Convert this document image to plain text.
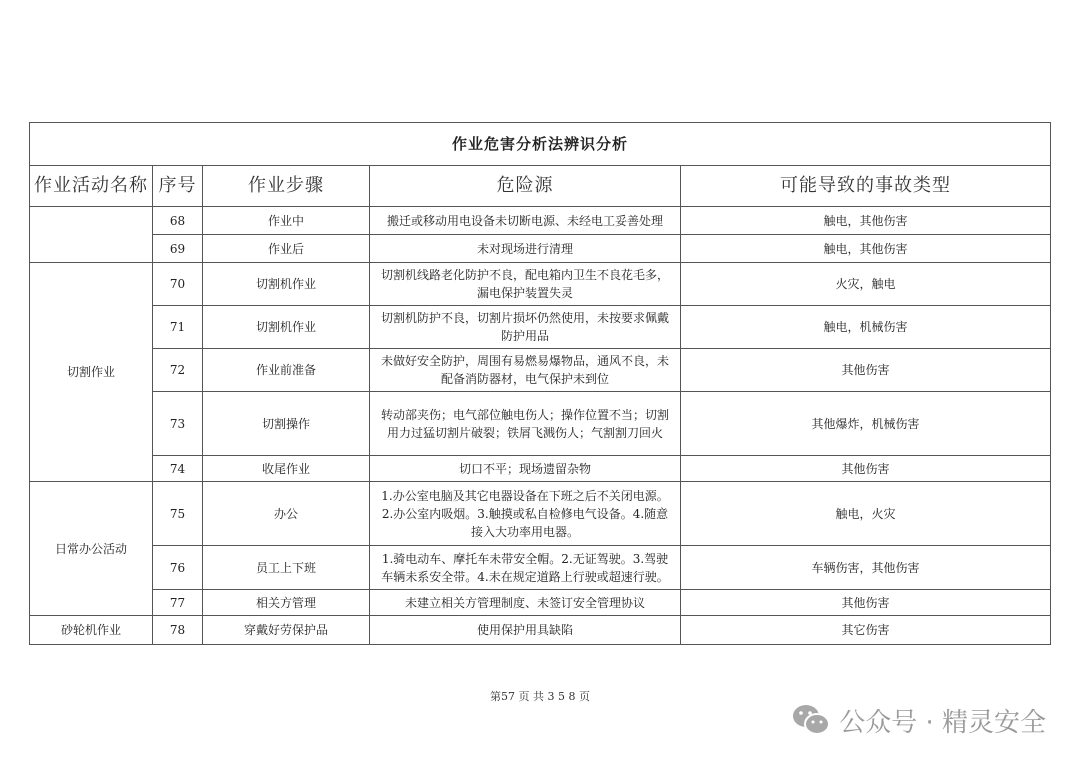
作业危害分析法辨识分析				
作业活动名称	序号	作业步骤	危险源	可能导致的事故类型
	68	作业中	搬迁或移动用电设备未切断电源、未经电工妥善处理	触电，其他伤害
	69	作业后	未对现场进行清理	触电，其他伤害
切割作业	70	切割机作业	切割机线路老化防护不良，配电箱内卫生不良花毛多，漏电保护装置失灵	火灾，触电
	71	切割机作业	切割机防护不良，切割片损坏仍然使用，未按要求佩戴防护用品	触电，机械伤害
	72	作业前准备	未做好安全防护，周围有易燃易爆物品，通风不良，未配备消防器材，电气保护未到位	其他伤害
	73	切割操作	转动部夹伤；电气部位触电伤人；操作位置不当；切割用力过猛切割片破裂；铁屑飞溅伤人；气割割刀回火	其他爆炸，机械伤害
	74	收尾作业	切口不平；现场遗留杂物	其他伤害
日常办公活动	75	办公	1.办公室电脑及其它电器设备在下班之后不关闭电源。2.办公室内吸烟。3.触摸或私自检修电气设备。4.随意接入大功率用电器。	触电，火灾
	76	员工上下班	1.骑电动车、摩托车未带安全帽。2.无证驾驶。3.驾驶车辆未系安全带。4.未在规定道路上行驶或超速行驶。	车辆伤害，其他伤害
	77	相关方管理	未建立相关方管理制度、未签订安全管理协议	其他伤害
砂轮机作业	78	穿戴好劳保护品	使用保护用具缺陷	其它伤害
第57 页 共 3 5 8 页
公众号 · 精灵安全
